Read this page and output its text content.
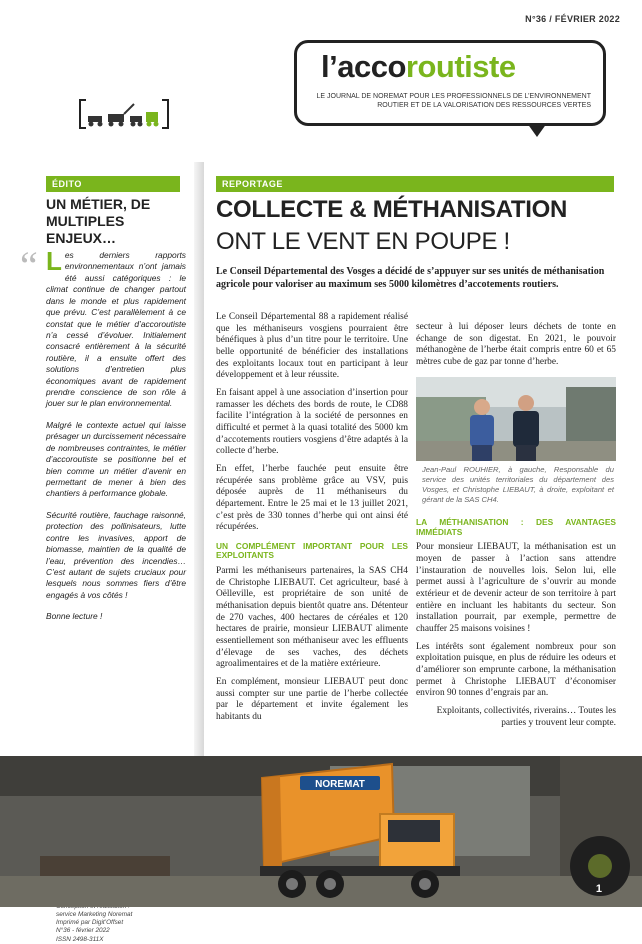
N°36 / FÉVRIER 2022
l’accoroutiste
LE JOURNAL DE NOREMAT POUR LES PROFESSIONNELS DE L’ENVIRONNEMENT ROUTIER ET DE LA VALORISATION DES RESSOURCES VERTES
ÉDITO
UN MÉTIER, DE MULTIPLES ENJEUX…
“ Les derniers rapports environnementaux n’ont jamais été aussi catégoriques : le climat continue de changer partout dans le monde et plus rapidement que prévu. C’est parallèlement à ce constat que le métier d’accoroutiste n’a cessé d’évoluer. Initialement consacré entièrement à la sécurité routière, il a ensuite offert des solutions d’entretien plus économiques avant de rapidement prendre conscience de son rôle à jouer sur le plan environnemental.

Malgré le contexte actuel qui laisse présager un durcissement nécessaire de nombreuses contraintes, le métier d’accoroutiste se positionne bel et bien comme un métier d’avenir en permettant de mener à bien des chantiers à performance globale.

Sécurité routière, fauchage raisonné, protection des pollinisateurs, lutte contre les invasives, apport de biomasse, maintien de la qualité de l’eau, prévention des incendies… C’est autant de sujets cruciaux pour lesquels nous sommes fiers d’être engagés à vos côtés !

Bonne lecture !

service Marketing Noremat
Imprimé par Digit’Offset
N°36 - février 2022
ISSN 2498-311X
REPORTAGE
COLLECTE & MÉTHANISATION
ONT LE VENT EN POUPE !
Le Conseil Départemental des Vosges a décidé de s’appuyer sur ses unités de méthanisation agricole pour valoriser au maximum ses 5000 kilomètres d’accotements routiers.

Le Conseil Départemental 88 a rapidement réalisé que les méthaniseurs vosgiens pourraient être bénéfiques à plus d’un titre pour le territoire. Une belle opportunité de bénéficier des installations des exploitants locaux tout en participant à leur développement et à leur réussite.

En faisant appel à une association d’insertion pour ramasser les déchets des bords de route, le CD88 facilite l’intégration à la société de personnes en difficulté et permet à la quasi totalité des 5000 km d’accotements routiers vosgiens d’être adaptés à la collecte d’herbe.

En effet, l’herbe fauchée peut ensuite être récupérée sans problème grâce au VSV, puis déposée auprès de 11 méthaniseurs du département. Entre le 25 mai et le 13 juillet 2021, c’est près de 330 tonnes d’herbe qui ont ainsi été récupérées.

UN COMPLÉMENT IMPORTANT POUR LES EXPLOITANTS

Parmi les méthaniseurs partenaires, la SAS CH4 de Christophe LIEBAUT. Cet agriculteur, basé à Oëlleville, est propriétaire de son unité de méthanisation depuis bientôt quatre ans. Détenteur de 270 vaches, 400 hectares de céréales et 120 hectares de prairie, monsieur LIEBAUT alimente essentiellement son méthaniseur avec les effluents d’élevage de ses vaches, des déchets agroalimentaires et de la matière extérieure.

En complément, monsieur LIEBAUT peut donc aussi compter sur une partie de l’herbe collectée par le département et invite également les habitants du

secteur à lui déposer leurs déchets de tonte en échange de son digestat. En 2021, le pouvoir méthanogène de l’herbe était compris entre 60 et 65 mètres cube de gaz par tonne d’herbe.

Jean-Paul ROUHIER, à gauche, Responsable du service des unités territoriales du département des Vosges, et Christophe LIEBAUT, à droite, exploitant et gérant de la SAS CH4.
LA MÉTHANISATION : DES AVANTAGES IMMÉDIATS

Pour monsieur LIEBAUT, la méthanisation est un moyen de passer à l’action sans attendre l’instauration de nouvelles lois. Selon lui, elle permet aussi à l’agriculture de s’ouvrir au monde extérieur et de devenir acteur de son territoire à part entière en incluant les habitants du secteur. Son installation pourrait, par exemple, permettre de chauffer 25 maisons voisines !

Les intérêts sont également nombreux pour son exploitation puisque, en plus de réduire les odeurs et d’améliorer son emprunte carbone, la méthanisation permet à Christophe LIEBAUT d’économiser environ 90 tonnes d’engrais par an.

Exploitants, collectivités, riverains… Toutes les parties y trouvent leur compte.

NOREMAT
1
